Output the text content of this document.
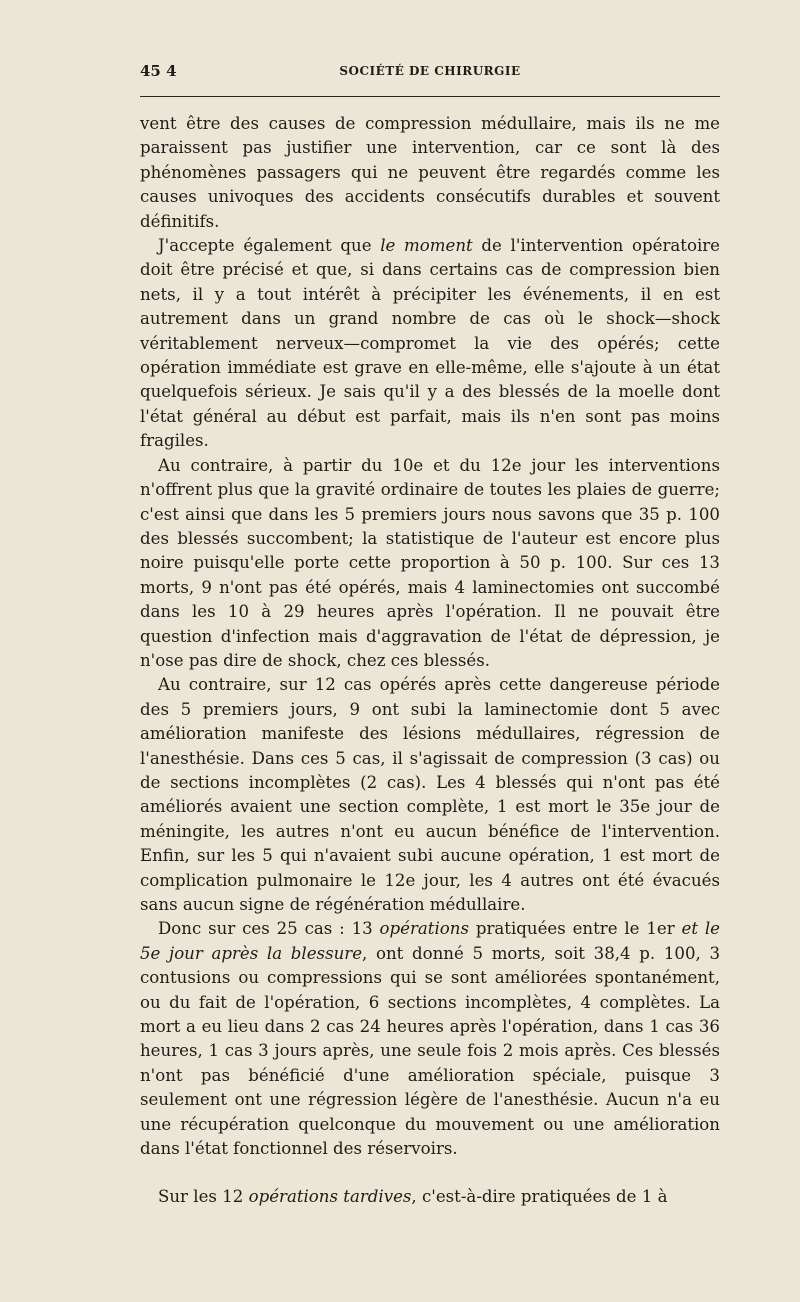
45 4	SOCIÉTÉ DE CHIRURGIE

vent être des causes de compression médullaire, mais ils ne me paraissent pas justifier une intervention, car ce sont là des phénomènes passagers qui ne peuvent être regardés comme les causes univoques des accidents consécutifs durables et souvent définitifs.

J'accepte également que le moment de l'intervention opératoire doit être précisé et que, si dans certains cas de compression bien nets, il y a tout intérêt à précipiter les événements, il en est autrement dans un grand nombre de cas où le shock—shock véritablement nerveux—compromet la vie des opérés; cette opération immédiate est grave en elle-même, elle s'ajoute à un état quelquefois sérieux. Je sais qu'il y a des blessés de la moelle dont l'état général au début est parfait, mais ils n'en sont pas moins fragiles.

Au contraire, à partir du 10e et du 12e jour les interventions n'offrent plus que la gravité ordinaire de toutes les plaies de guerre; c'est ainsi que dans les 5 premiers jours nous savons que 35 p. 100 des blessés succombent; la statistique de l'auteur est encore plus noire puisqu'elle porte cette proportion à 50 p. 100. Sur ces 13 morts, 9 n'ont pas été opérés, mais 4 laminectomies ont succombé dans les 10 à 29 heures après l'opération. Il ne pouvait être question d'infection mais d'aggravation de l'état de dépression, je n'ose pas dire de shock, chez ces blessés.

Au contraire, sur 12 cas opérés après cette dangereuse période des 5 premiers jours, 9 ont subi la laminectomie dont 5 avec amélioration manifeste des lésions médullaires, régression de l'anesthésie. Dans ces 5 cas, il s'agissait de compression (3 cas) ou de sections incomplètes (2 cas). Les 4 blessés qui n'ont pas été améliorés avaient une section complète, 1 est mort le 35e jour de méningite, les autres n'ont eu aucun bénéfice de l'intervention. Enfin, sur les 5 qui n'avaient subi aucune opération, 1 est mort de complication pulmonaire le 12e jour, les 4 autres ont été évacués sans aucun signe de régénération médullaire.

Donc sur ces 25 cas : 13 opérations pratiquées entre le 1er et le 5e jour après la blessure, ont donné 5 morts, soit 38,4 p. 100, 3 contusions ou compressions qui se sont améliorées spontanément, ou du fait de l'opération, 6 sections incomplètes, 4 complètes. La mort a eu lieu dans 2 cas 24 heures après l'opération, dans 1 cas 36 heures, 1 cas 3 jours après, une seule fois 2 mois après. Ces blessés n'ont pas bénéficié d'une amélioration spéciale, puisque 3 seulement ont une régression légère de l'anesthésie. Aucun n'a eu une récupération quelconque du mouvement ou une amélioration dans l'état fonctionnel des réservoirs.

Sur les 12 opérations tardives, c'est-à-dire pratiquées de 1 à
